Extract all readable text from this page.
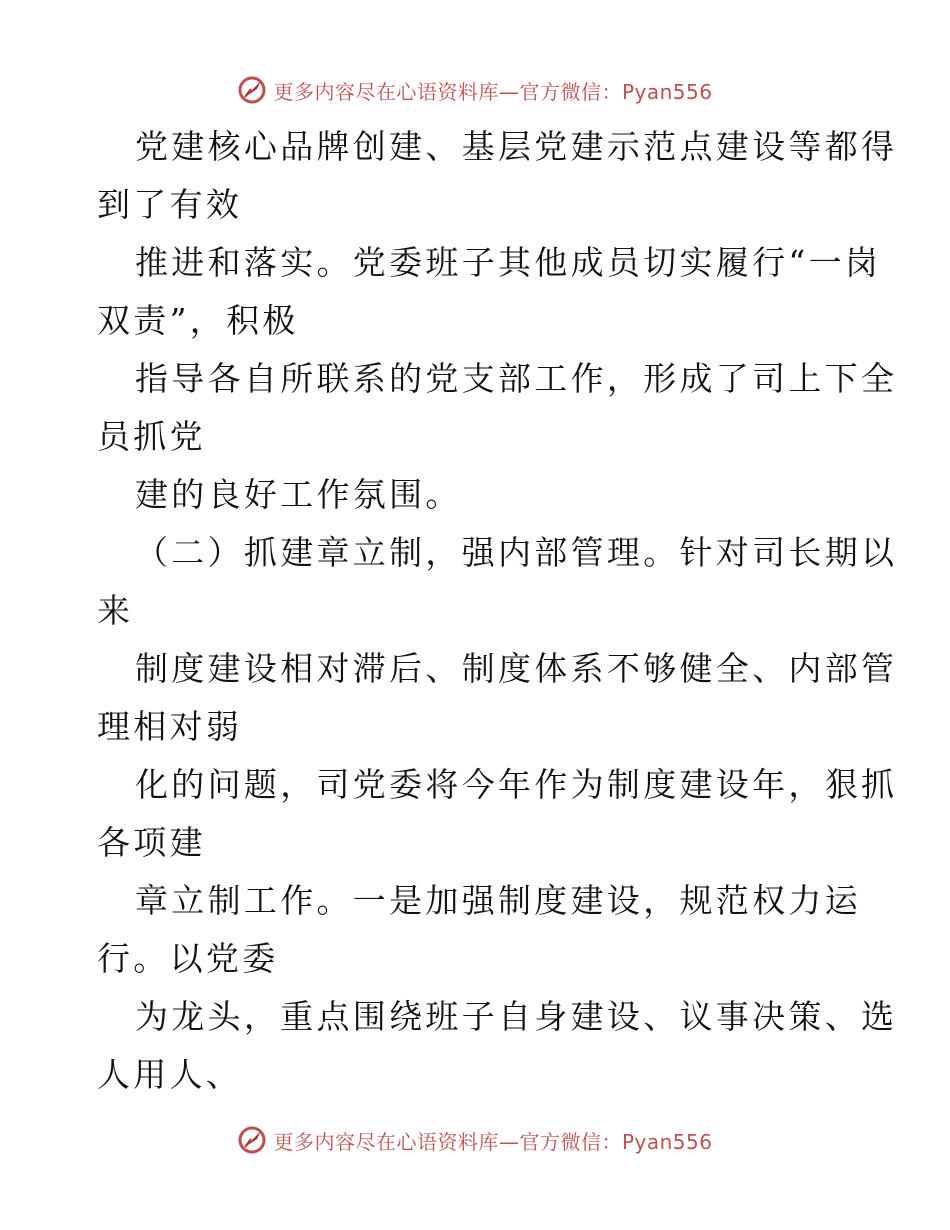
更多内容尽在心语资料库—官方微信：Pyan556
党建核心品牌创建、基层党建示范点建设等都得
到了有效
推进和落实。党委班子其他成员切实履行“一岗
双责”，积极
指导各自所联系的党支部工作，形成了司上下全
员抓党
建的良好工作氛围。
（二）抓建章立制，强内部管理。针对司长期以
来
制度建设相对滞后、制度体系不够健全、内部管
理相对弱
化的问题，司党委将今年作为制度建设年，狠抓
各项建
章立制工作。一是加强制度建设，规范权力运
行。以党委
为龙头，重点围绕班子自身建设、议事决策、选
人用人、
更多内容尽在心语资料库—官方微信：Pyan556
